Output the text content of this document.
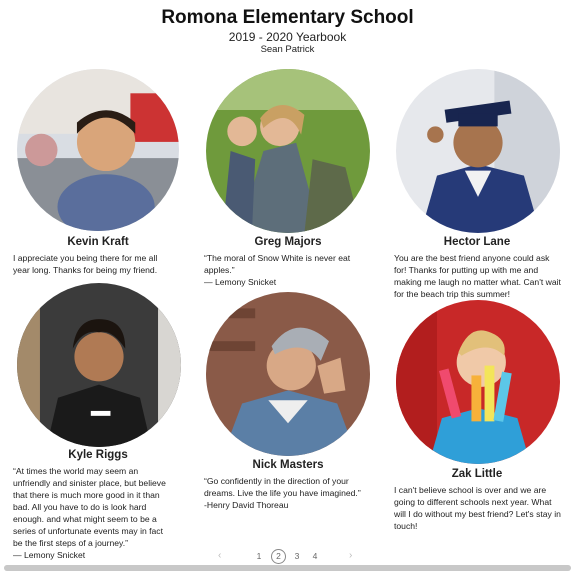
Romona Elementary School
2019 - 2020 Yearbook
Sean Patrick
Kevin Kraft
I appreciate you being there for me all year long. Thanks for being my friend.
Greg Majors
“The moral of Snow White is never eat apples.”
— Lemony Snicket
Hector Lane
You are the best friend anyone could ask for! Thanks for putting up with me and making me laugh no matter what. Can't wait for the beach trip this summer!
Kyle Riggs
“At times the world may seem an unfriendly and sinister place, but believe that there is much more good in it than bad. All you have to do is look hard enough. and what might seem to be a series of unfortunate events may in fact be the first steps of a journey.”
— Lemony Snicket
Nick Masters
“Go confidently in the direction of your dreams. Live the life you have imagined.”
-Henry David Thoreau
Zak Little
I can't believe school is over and we are going to different schools next year. What will I do without my best friend? Let's stay in touch!
‹	1	2	3	4	›
